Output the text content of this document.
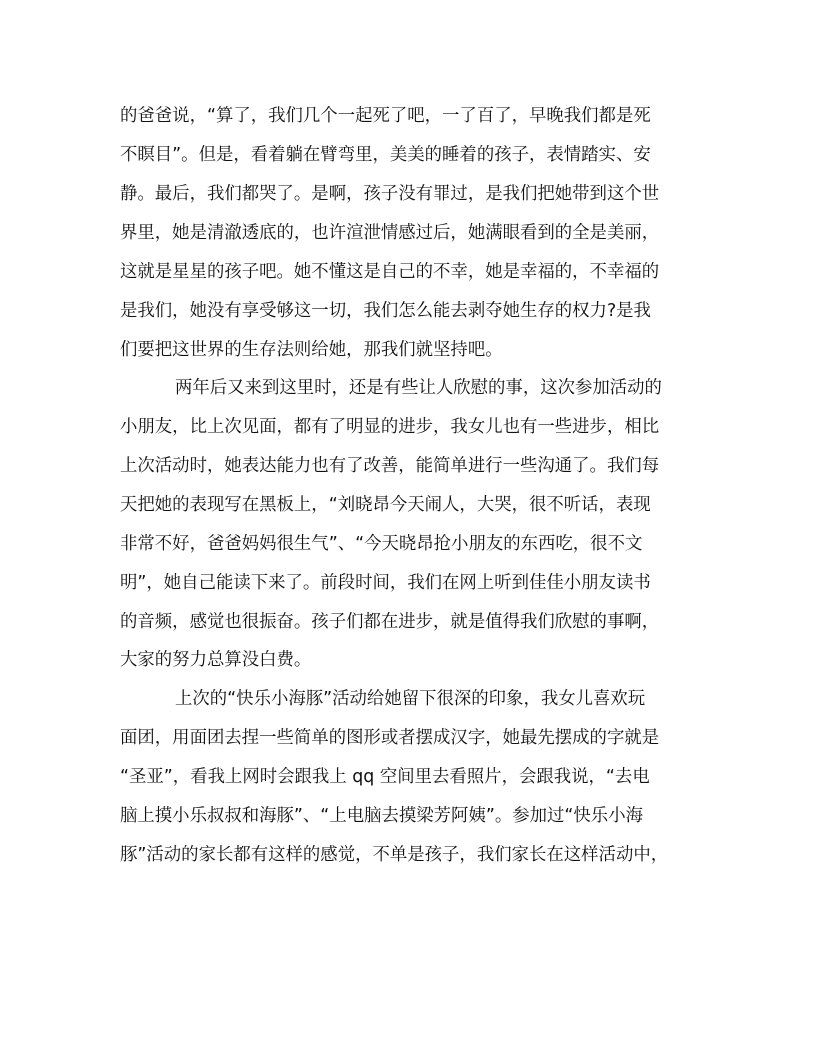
的爸爸说，“算了，我们几个一起死了吧，一了百了，早晚我们都是死
不瞑目”。但是，看着躺在臂弯里，美美的睡着的孩子，表情踏实、安
静。最后，我们都哭了。是啊，孩子没有罪过，是我们把她带到这个世
界里，她是清澈透底的，也许渲泄情感过后，她满眼看到的全是美丽，
这就是星星的孩子吧。她不懂这是自己的不幸，她是幸福的，不幸福的
是我们，她没有享受够这一切，我们怎么能去剥夺她生存的权力?是我
们要把这世界的生存法则给她，那我们就坚持吧。
两年后又来到这里时，还是有些让人欣慰的事，这次参加活动的
小朋友，比上次见面，都有了明显的进步，我女儿也有一些进步，相比
上次活动时，她表达能力也有了改善，能简单进行一些沟通了。我们每
天把她的表现写在黑板上，“刘晓昂今天闹人，大哭，很不听话，表现
非常不好，爸爸妈妈很生气”、“今天晓昂抢小朋友的东西吃，很不文
明”，她自己能读下来了。前段时间，我们在网上听到佳佳小朋友读书
的音频，感觉也很振奋。孩子们都在进步，就是值得我们欣慰的事啊，
大家的努力总算没白费。
上次的“快乐小海豚”活动给她留下很深的印象，我女儿喜欢玩
面团，用面团去捏一些简单的图形或者摆成汉字，她最先摆成的字就是
“圣亚”，看我上网时会跟我上 qq 空间里去看照片，会跟我说，“去电
脑上摸小乐叔叔和海豚”、“上电脑去摸梁芳阿姨”。参加过“快乐小海
豚”活动的家长都有这样的感觉，不单是孩子，我们家长在这样活动中，
